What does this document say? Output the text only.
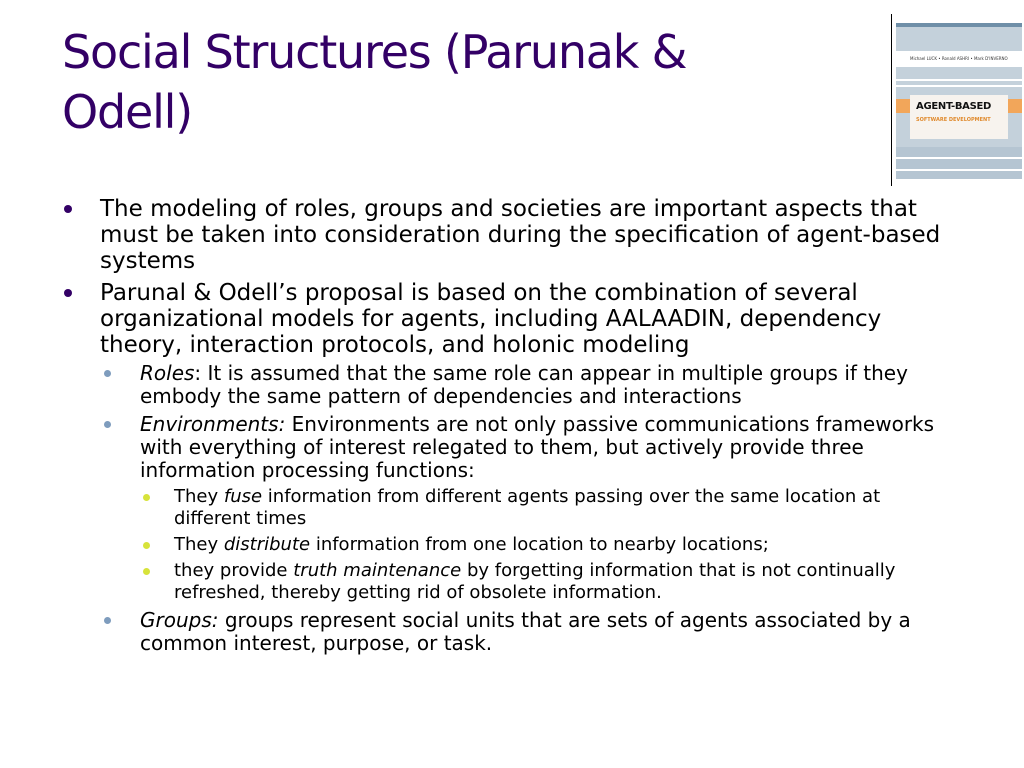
Social Structures (Parunak &
Odell)
Michael LUCK • Ronald ASHRI • Mark D'INVERNO
AGENT-BASED
SOFTWARE DEVELOPMENT
The modeling of roles, groups and societies are important aspects that must be taken into consideration during the specification of agent-based systems
Parunal & Odell’s proposal is based on the combination of several organizational models for agents, including AALAADIN, dependency theory, interaction protocols, and holonic modeling
Roles: It is assumed that the same role can appear in multiple groups if they embody the same pattern of dependencies and interactions
Environments: Environments are not only passive communications frameworks with everything of interest relegated to them, but actively provide three information processing functions:
They fuse information from different agents passing over the same location at different times
They distribute information from one location to nearby locations;
they provide truth maintenance by forgetting information that is not continually refreshed, thereby getting rid of obsolete information.
Groups: groups represent social units that are sets of agents associated by a common interest, purpose, or task.
